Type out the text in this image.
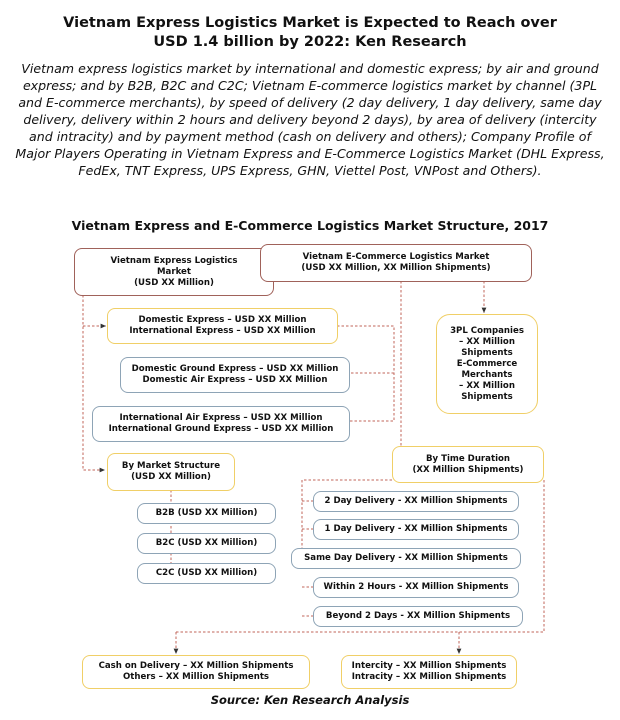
Vietnam Express Logistics Market is Expected to Reach over
USD 1.4 billion by 2022: Ken Research
Vietnam express logistics market by international and domestic express; by air and ground express; and by B2B, B2C and C2C; Vietnam E-commerce logistics market by channel (3PL and E-commerce merchants), by speed of delivery (2 day delivery, 1 day delivery, same day delivery, delivery within 2 hours and delivery beyond 2 days), by area of delivery (intercity and intracity) and by payment method (cash on delivery and others); Company Profile of Major Players Operating in Vietnam Express and E-Commerce Logistics Market (DHL Express, FedEx, TNT Express, UPS Express, GHN, Viettel Post, VNPost and Others).
Vietnam Express and E-Commerce Logistics Market Structure, 2017
Vietnam Express Logistics
Market
(USD XX Million)
Vietnam E-Commerce Logistics Market
(USD XX Million, XX Million Shipments)
Domestic Express – USD XX Million
International Express – USD XX Million
Domestic Ground Express – USD XX Million
Domestic Air Express – USD XX Million
International Air Express – USD XX Million
International Ground Express – USD XX Million
3PL Companies
– XX Million
Shipments
E-Commerce
Merchants
– XX Million
Shipments
By Market Structure
(USD XX Million)
B2B (USD XX Million)
B2C (USD XX Million)
C2C (USD XX Million)
By Time Duration
(XX Million Shipments)
2 Day Delivery - XX Million Shipments
1 Day Delivery - XX Million Shipments
Same Day Delivery - XX Million Shipments
Within 2 Hours - XX Million Shipments
Beyond 2 Days - XX Million Shipments
Cash on Delivery – XX Million Shipments
Others – XX Million Shipments
Intercity – XX Million Shipments
Intracity – XX Million Shipments
Source: Ken Research Analysis
